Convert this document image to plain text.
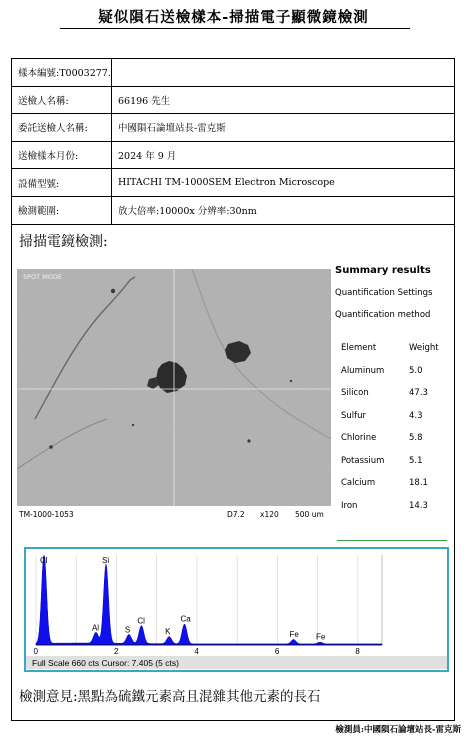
疑似隕石送檢樣本-掃描電子顯微鏡檢測
樣本編號:T0003277.	
送檢人名稱:	66196 先生
委託送檢人名稱:	中國隕石論壇站長-雷克斯
送檢樣本月份:	2024 年 9 月
設備型號:	HITACHI TM-1000SEM Electron Microscope
檢測範圍:	放大倍率:10000x 分辨率:30nm
掃描電鏡檢測:
SPOT MODE
TM-1000-1053	D7.2 x120 500 um
Summary results
Quantification Settings
Quantification method
Element	Weight
Aluminum	5.0
Silicon	47.3
Sulfur	4.3
Chlorine	5.8
Potassium	5.1
Calcium	18.1
Iron	14.3
Cl	Si
Al	S
Cl
K
Ca
Fe Fe
0	2	4	6	8
Full Scale 660 cts Cursor: 7.405 (5 cts)
檢測意見:黑點為硫鐵元素高且混雜其他元素的長石
檢測員:中國隕石論壇站長-雷克斯
